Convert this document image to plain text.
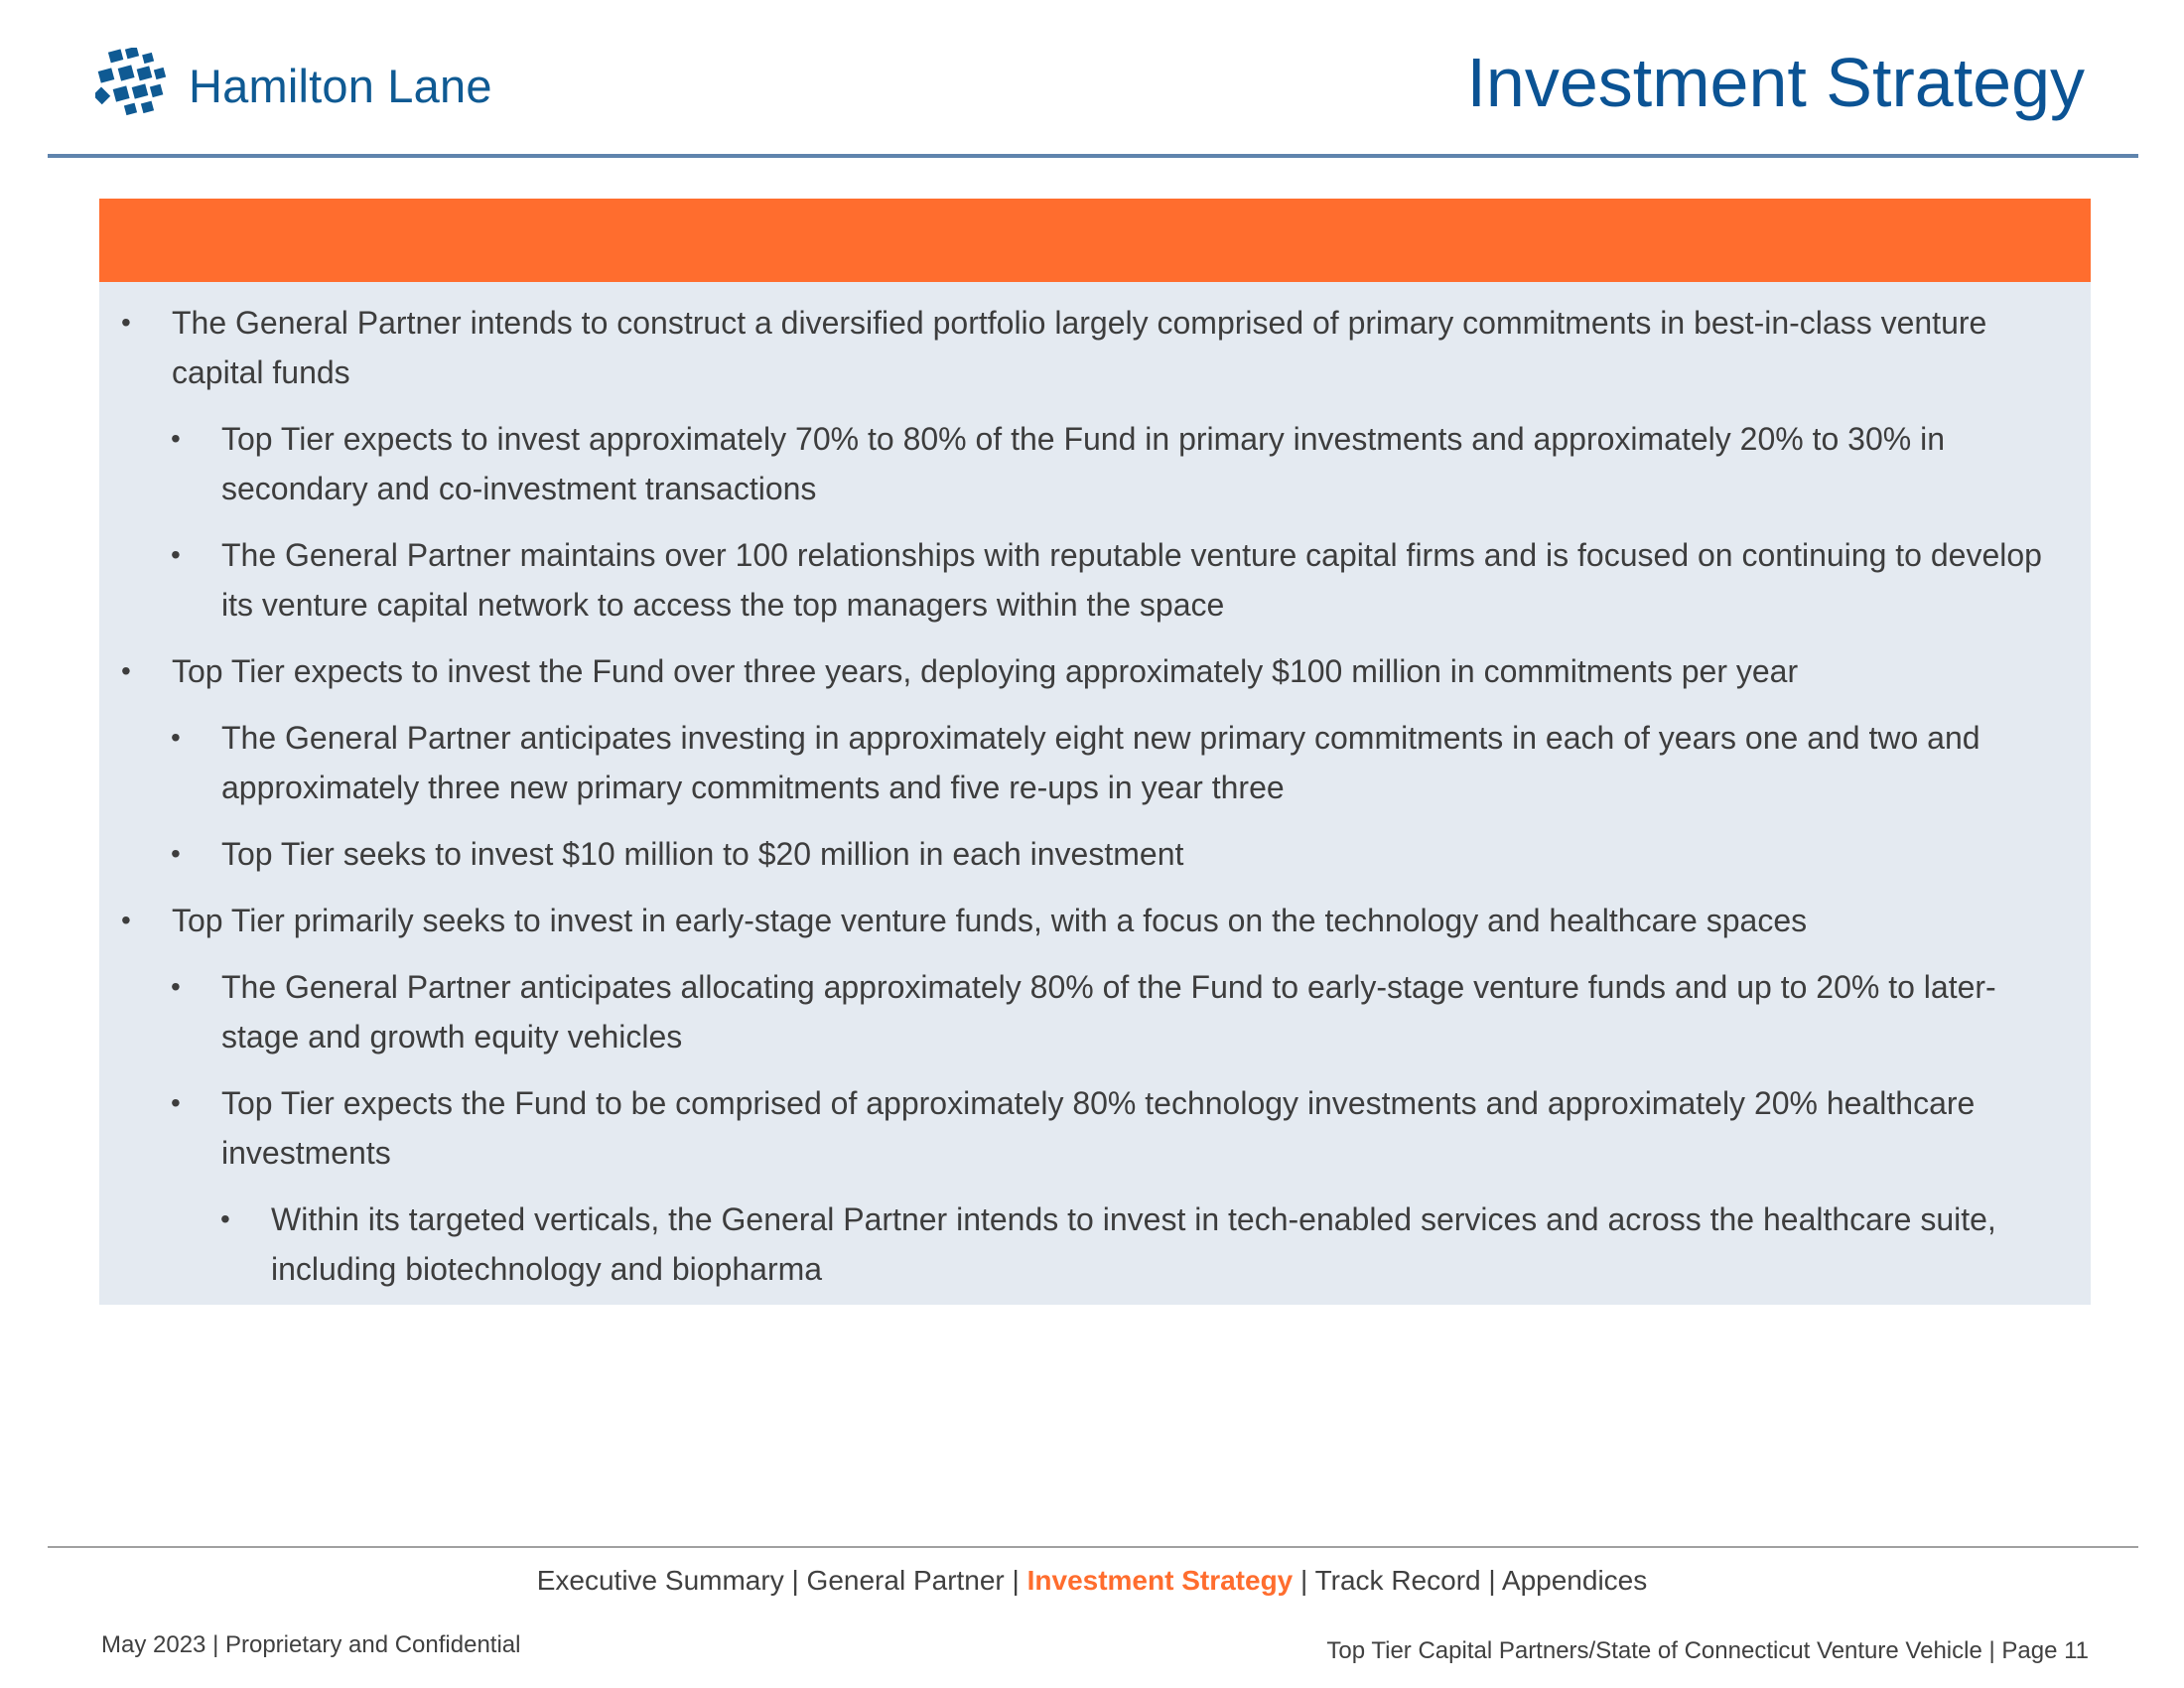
Hamilton Lane	Investment Strategy
• The General Partner intends to construct a diversified portfolio largely comprised of primary commitments in best-in-class venture capital funds
• Top Tier expects to invest approximately 70% to 80% of the Fund in primary investments and approximately 20% to 30% in secondary and co-investment transactions
• The General Partner maintains over 100 relationships with reputable venture capital firms and is focused on continuing to develop its venture capital network to access the top managers within the space
• Top Tier expects to invest the Fund over three years, deploying approximately $100 million in commitments per year
• The General Partner anticipates investing in approximately eight new primary commitments in each of years one and two and approximately three new primary commitments and five re-ups in year three
• Top Tier seeks to invest $10 million to $20 million in each investment
• Top Tier primarily seeks to invest in early-stage venture funds, with a focus on the technology and healthcare spaces
• The General Partner anticipates allocating approximately 80% of the Fund to early-stage venture funds and up to 20% to later-stage and growth equity vehicles
• Top Tier expects the Fund to be comprised of approximately 80% technology investments and approximately 20% healthcare investments
• Within its targeted verticals, the General Partner intends to invest in tech-enabled services and across the healthcare suite, including biotechnology and biopharma
Executive Summary | General Partner | Investment Strategy | Track Record | Appendices
May 2023 | Proprietary and Confidential	Top Tier Capital Partners/State of Connecticut Venture Vehicle | Page 11
